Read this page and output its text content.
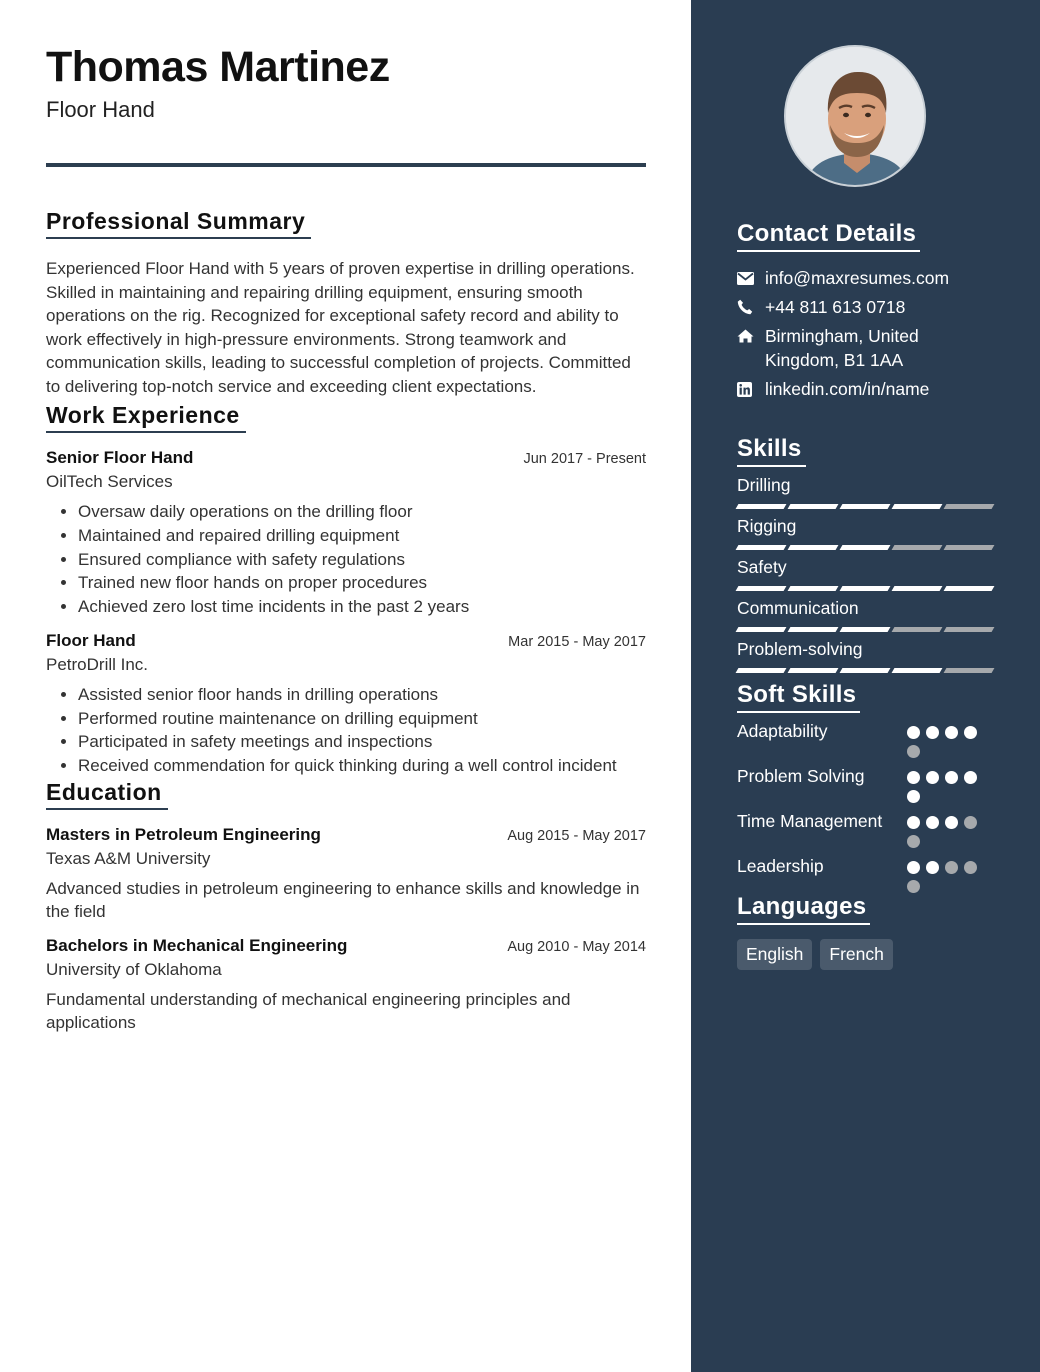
Thomas Martinez
Floor Hand
Professional Summary

Experienced Floor Hand with 5 years of proven expertise in drilling operations. Skilled in maintaining and repairing drilling equipment, ensuring smooth operations on the rig. Recognized for exceptional safety record and ability to work effectively in high-pressure environments. Strong teamwork and communication skills, leading to successful completion of projects. Committed to delivering top-notch service and exceeding client expectations.

Work Experience
Senior Floor Hand	Jun 2017 - Present
OilTech Services
• Oversaw daily operations on the drilling floor
• Maintained and repaired drilling equipment
• Ensured compliance with safety regulations
• Trained new floor hands on proper procedures
• Achieved zero lost time incidents in the past 2 years
Floor Hand	Mar 2015 - May 2017
PetroDrill Inc.
• Assisted senior floor hands in drilling operations
• Performed routine maintenance on drilling equipment
• Participated in safety meetings and inspections
• Received commendation for quick thinking during a well control incident
Education
Masters in Petroleum Engineering	Aug 2015 - May 2017
Texas A&M University

Advanced studies in petroleum engineering to enhance skills and knowledge in the field

Bachelors in Mechanical Engineering	Aug 2010 - May 2014
University of Oklahoma

Fundamental understanding of mechanical engineering principles and applications

Contact Details
info@maxresumes.com
+44 811 613 0718
Birmingham, United Kingdom, B1 1AA
linkedin.com/in/name
Skills
Drilling
Rigging
Safety
Communication
Problem-solving
Soft Skills
Adaptability
Problem Solving
Time Management
Leadership
Languages
English	French
